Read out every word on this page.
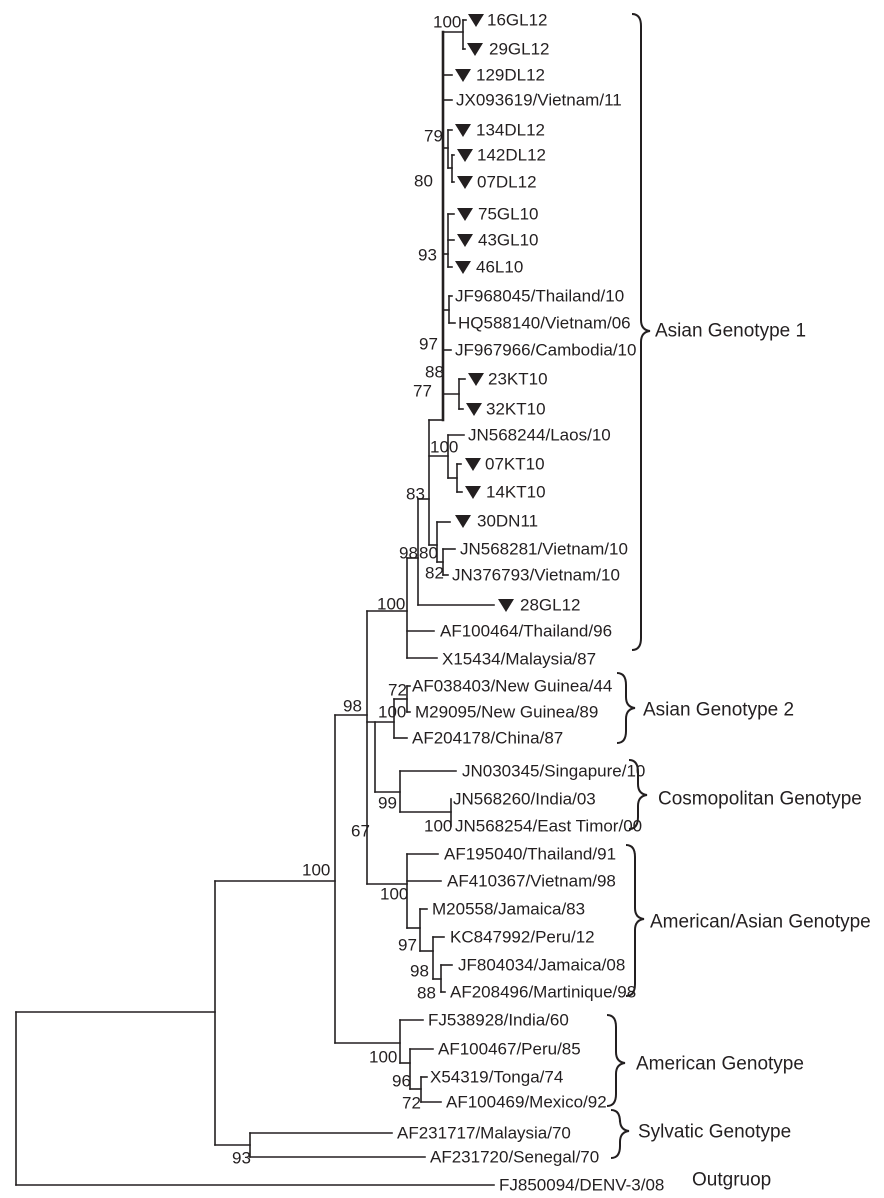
16GL12
29GL12
129DL12
JX093619/Vietnam/11
134DL12
142DL12
07DL12
75GL10
43GL10
46L10
JF968045/Thailand/10
HQ588140/Vietnam/06
JF967966/Cambodia/10
23KT10
32KT10
JN568244/Laos/10
07KT10
14KT10
30DN11
JN568281/Vietnam/10
JN376793/Vietnam/10
28GL12
AF100464/Thailand/96
X15434/Malaysia/87
AF038403/New Guinea/44
M29095/New Guinea/89
AF204178/China/87
JN030345/Singapure/10
JN568260/India/03
JN568254/East Timor/00
AF195040/Thailand/91
AF410367/Vietnam/98
M20558/Jamaica/83
KC847992/Peru/12
JF804034/Jamaica/08
AF208496/Martinique/98
FJ538928/India/60
AF100467/Peru/85
X54319/Tonga/74
AF100469/Mexico/92
AF231717/Malaysia/70
AF231720/Senegal/70
FJ850094/DENV-3/08
100
79
80
93
97
88
77
100
83
98 80
82
100
98 100
72
99
100
67
100
97
98
88
100
100
96
72
93
Asian Genotype 1
Asian Genotype 2
Cosmopolitan Genotype
American/Asian Genotype
American Genotype
Sylvatic Genotype
Outgruop
